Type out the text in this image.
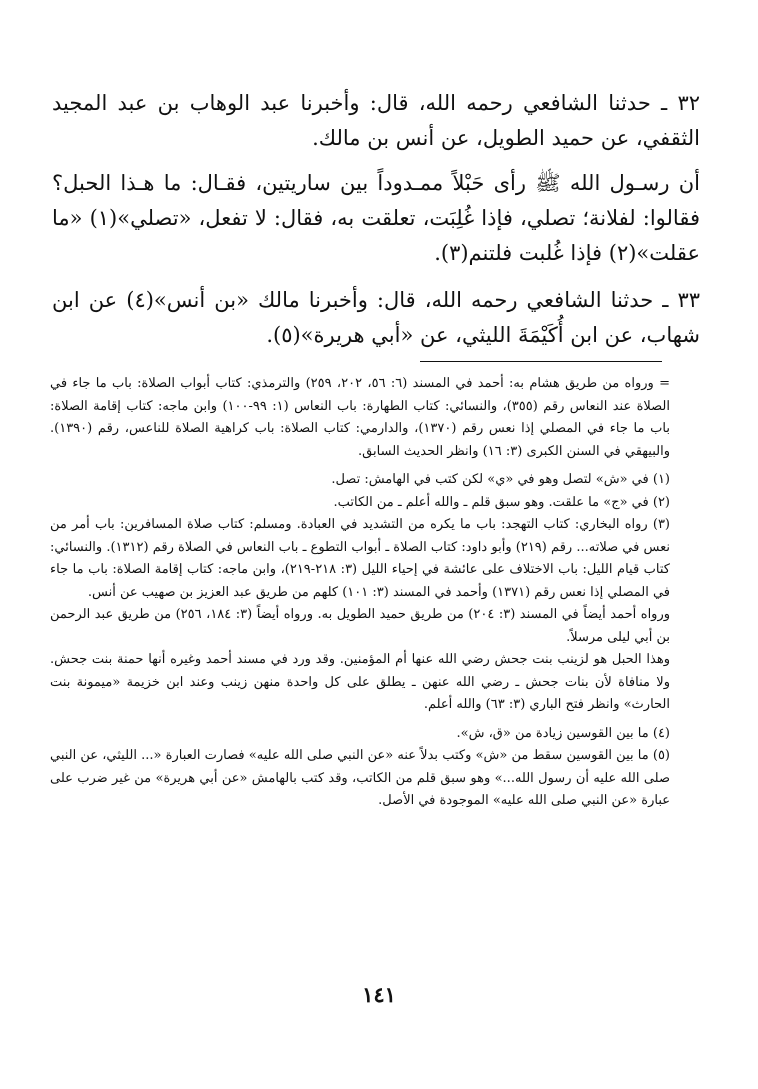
٣٢ ـ حدثنا الشافعي رحمه الله، قال: وأخبرنا عبد الوهاب بن عبد المجيد الثقفي، عن حميد الطويل، عن أنس بن مالك.

أن رسـول الله ﷺ رأى حَبْلاً ممـدوداً بين ساريتين، فقـال: ما هـذا الحبل؟ فقالوا: لفلانة؛ تصلي، فإذا غُلِبَت، تعلقت به، فقال: لا تفعل، «تصلي»(١) «ما عقلت»(٢) فإذا غُلبت فلتنم(٣).

٣٣ ـ حدثنا الشافعي رحمه الله، قال: وأخبرنا مالك «بن أنس»(٤) عن ابن شهاب، عن ابن أُكَيْمَةَ الليثي، عن «أبي هريرة»(٥).

= ورواه من طريق هشام به: أحمد في المسند (٦: ٥٦، ٢٠٢، ٢٥٩) والترمذي: كتاب أبواب الصلاة: باب ما جاء في الصلاة عند النعاس رقم (٣٥٥)، والنسائي: كتاب الطهارة: باب النعاس (١: ٩٩-١٠٠) وابن ماجه: كتاب إقامة الصلاة: باب ما جاء في المصلي إذا نعس رقم (١٣٧٠)، والدارمي: كتاب الصلاة: باب كراهية الصلاة للناعس، رقم (١٣٩٠). والبيهقي في السنن الكبرى (٣: ١٦) وانظر الحديث السابق.

(١) في «ش» لتصل وهو في «ي» لكن كتب في الهامش: تصل.

(٢) في «ج» ما علقت. وهو سبق قلم ـ والله أعلم ـ من الكاتب.

(٣) رواه البخاري: كتاب التهجد: باب ما يكره من التشديد في العبادة. ومسلم: كتاب صلاة المسافرين: باب أمر من نعس في صلاته... رقم (٢١٩) وأبو داود: كتاب الصلاة ـ أبواب التطوع ـ باب النعاس في الصلاة رقم (١٣١٢). والنسائي: كتاب قيام الليل: باب الاختلاف على عائشة في إحياء الليل (٣: ٢١٨-٢١٩)، وابن ماجه: كتاب إقامة الصلاة: باب ما جاء في المصلي إذا نعس رقم (١٣٧١) وأحمد في المسند (٣: ١٠١) كلهم من طريق عبد العزيز بن صهيب عن أنس.

ورواه أحمد أيضاً في المسند (٣: ٢٠٤) من طريق حميد الطويل به. ورواه أيضاً (٣: ١٨٤، ٢٥٦) من طريق عبد الرحمن بن أبي ليلى مرسلاً.

وهذا الحبل هو لزينب بنت جحش رضي الله عنها أم المؤمنين. وقد ورد في مسند أحمد وغيره أنها حمنة بنت جحش. ولا منافاة لأن بنات جحش ـ رضي الله عنهن ـ يطلق على كل واحدة منهن زينب وعند ابن خزيمة «ميمونة بنت الحارث» وانظر فتح الباري (٣: ٦٣) والله أعلم.

(٤) ما بين القوسين زيادة من «ق، ش».

(٥) ما بين القوسين سقط من «ش» وكتب بدلاً عنه «عن النبي صلى الله عليه» فصارت العبارة «... الليثي، عن النبي صلى الله عليه أن رسول الله...» وهو سبق قلم من الكاتب، وقد كتب بالهامش «عن أبي هريرة» من غير ضرب على عبارة «عن النبي صلى الله عليه» الموجودة في الأصل.

١٤١
